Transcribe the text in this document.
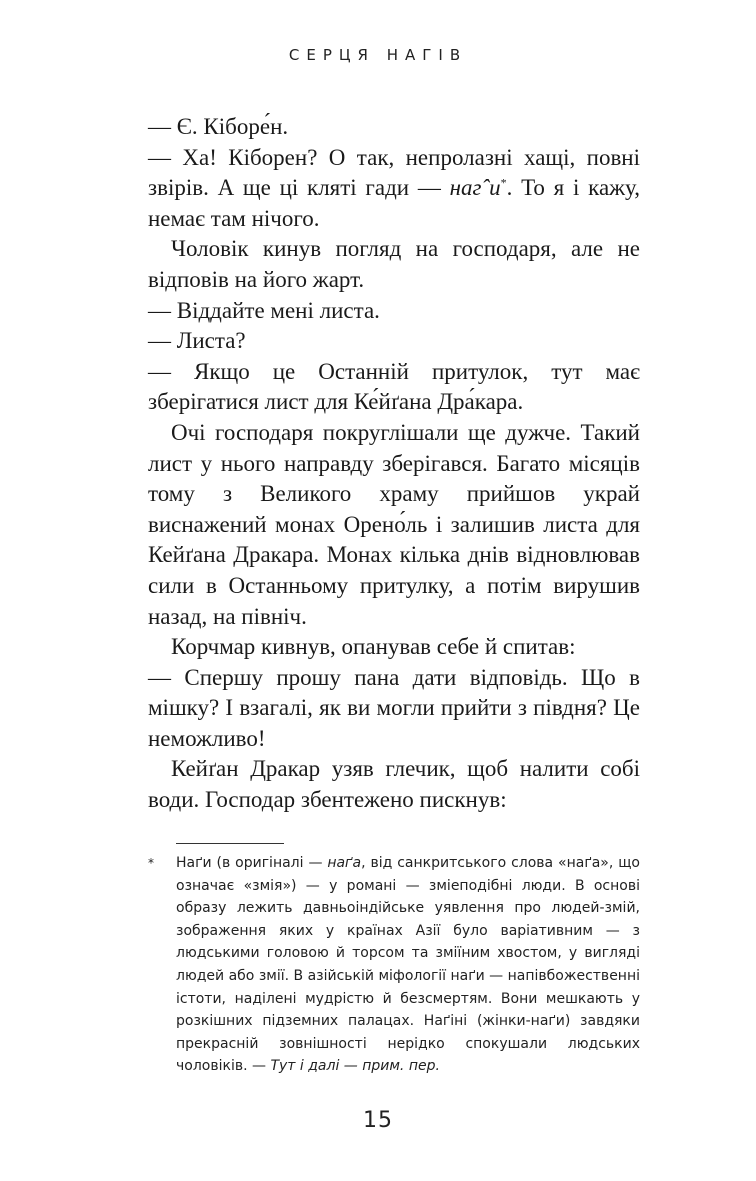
СЕРЦЯ НАГІВ

— Є. Кіборе́н.

— Ха! Кіборен? О так, непролазні хащі, повні звірів. А ще ці кляті гади — нагˆи*. То я і кажу, немає там нічого.

Чоловік кинув погляд на господаря, але не відповів на його жарт.

— Віддайте мені листа.

— Листа?

— Якщо це Останній притулок, тут має зберігатися лист для Ке́йґана Дра́кара.

Очі господаря покруглішали ще дужче. Такий лист у нього направду зберігався. Багато місяців тому з Великого храму прийшов украй виснажений монах Орено́ль і залишив листа для Кейґана Дракара. Монах кілька днів відновлював сили в Останньому притулку, а потім вирушив назад, на північ.

Корчмар кивнув, опанував себе й спитав:

— Спершу прошу пана дати відповідь. Що в мішку? І взагалі, як ви могли прийти з півдня? Це неможливо!

Кейґан Дракар узяв глечик, щоб налити собі води. Господар збентежено пискнув:

* Наґи (в оригіналі — наґа, від санкритського слова «наґа», що означає «змія») — у романі — зміеподібні люди. В основі образу лежить давньоіндійське уявлення про людей-змій, зображення яких у країнах Азії було варіативним — з людськими головою й торсом та зміїним хвостом, у вигляді людей або змії. В азійській міфології наґи — напівбожественні істоти, наділені мудрістю й безсмертям. Вони мешкають у розкішних підземних палацах. Наґіні (жінки-наґи) завдяки прекрасній зовнішності нерідко спокушали людських чоловіків. — Тут і далі — прим. пер.
15
